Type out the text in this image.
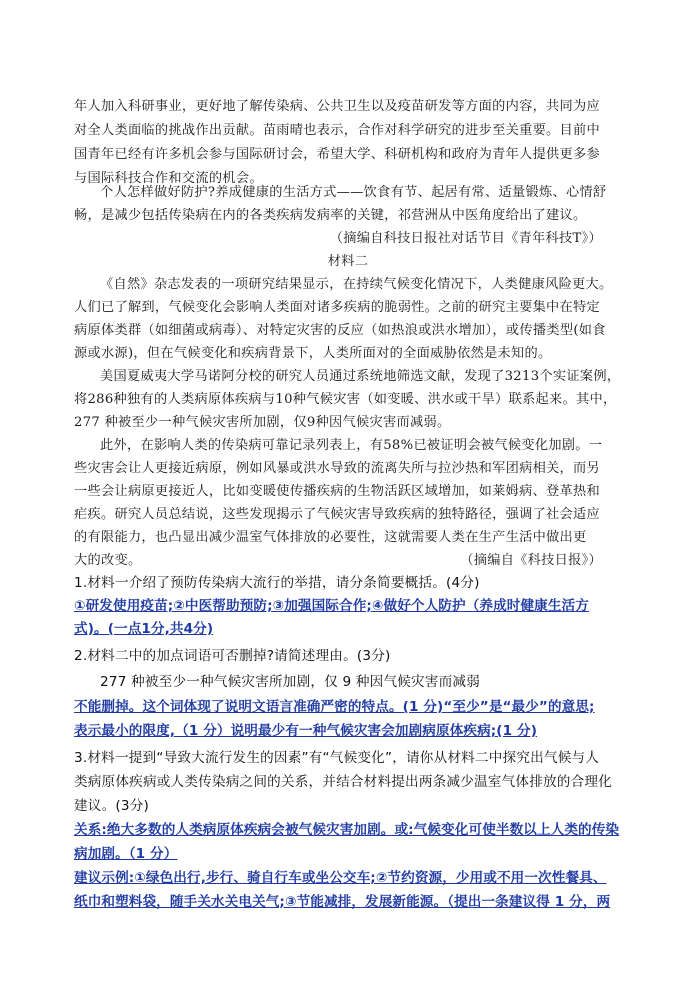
年人加入科研事业，更好地了解传染病、公共卫生以及疫苗研发等方面的内容，共同为应
对全人类面临的挑战作出贡献。苗雨晴也表示，合作对科学研究的进步至关重要。目前中
国青年已经有许多机会参与国际研讨会，希望大学、科研机构和政府为青年人提供更多参
与国际科技合作和交流的机会。
个人怎样做好防护?养成健康的生活方式——饮食有节、起居有常、适量锻炼、心情舒
畅，是减少包括传染病在内的各类疾病发病率的关键，祁营洲从中医角度给出了建议。
（摘编自科技日报社对话节目《青年科技T》）
材料二
《自然》杂志发表的一项研究结果显示，在持续气候变化情况下，人类健康风险更大。
人们已了解到，气候变化会影响人类面对诸多疾病的脆弱性。之前的研究主要集中在特定
病原体类群（如细菌或病毒）、对特定灾害的反应（如热浪或洪水增加），或传播类型(如食
源或水源)，但在气候变化和疾病背景下，人类所面对的全面威胁依然是未知的。
美国夏威夷大学马诺阿分校的研究人员通过系统地筛选文献，发现了3213个实证案例，
将286种独有的人类病原体疾病与10种气候灾害（如变暖、洪水或干旱）联系起来。其中，
277 种被至少一种气候灾害所加剧，仅9种因气候灾害而减弱。
此外，在影响人类的传染病可靠记录列表上，有58%已被证明会被气候变化加剧。一
些灾害会让人更接近病原，例如风暴或洪水导致的流离失所与拉沙热和军团病相关，而另
一些会让病原更接近人，比如变暖使传播疾病的生物活跃区域增加，如莱姆病、登革热和
疟疾。研究人员总结说，这些发现揭示了气候灾害导致疾病的独特路径，强调了社会适应
的有限能力，也凸显出减少温室气体排放的必要性，这就需要人类在生产生活中做出更
大的改变。	（摘编自《科技日报》）
1.材料一介绍了预防传染病大流行的举措，请分条简要概括。(4分)
①研发使用疫苗;②中医帮助预防;③加强国际合作;④做好个人防护（养成时健康生活方
式)。(一点1分,共4分)
2.材料二中的加点词语可否删掉?请简述理由。(3分)
277 种被至少一种气候灾害所加剧，仅 9 种因气候灾害而减弱
不能删掉。这个词体现了说明文语言准确严密的特点。(1 分)“至少”是“最少”的意思;
表示最小的限度,（1 分）说明最少有一种气候灾害会加剧病原体疾病;(1 分)
3.材料一提到“导致大流行发生的因素”有“气候变化”，请你从材料二中探究出气候与人
类病原体疾病或人类传染病之间的关系，并结合材料提出两条减少温室气体排放的合理化
建议。(3分)
关系:绝大多数的人类病原体疾病会被气候灾害加剧。或:气候变化可使半数以上人类的传染
病加剧。（1 分）
建议示例:①绿色出行,步行、骑自行车或坐公交车;②节约资源，少用或不用一次性餐具、
纸巾和塑料袋，随手关水关电关气;③节能减排，发展新能源。（提出一条建议得 1 分，两
